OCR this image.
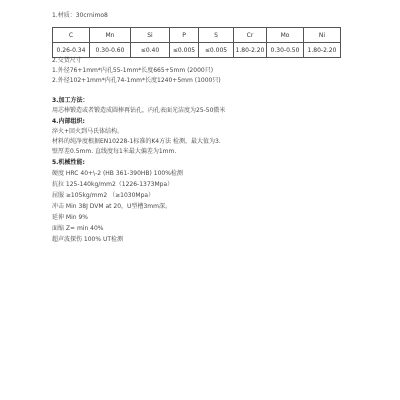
1.材质：30crnimo8
C	Mn	Si	P	S	Cr	Mo	Ni
0.26-0.34	0.30-0.60	≤0.40	≤0.005	≤0.005	1.80-2.20	0.30-0.50	1.80-2.20
2.交货尺寸
1.外径76+1mm*内孔55-1mm*长度665+5mm (2000只)
2.外径102+1mm*内孔74-1mm*长度1240+5mm (1000只)
3.加工方法：
用芯棒锻造或者锻造成圆棒再钻孔，内孔表面光洁度为25-50微米
4.内部组织:
淬火+回火到马氏体结构。
材料的纯净度根据EN10228-1标准的K4方法 检测，最大值为3.
壁厚差0.5mm. 直线度每1米最大偏差为1mm.
5.机械性能:
硬度 HRC 40+\-2 (HB 361-390HB) 100%检测
抗拉 125-140kg/mm2（1226-1373Mpa）
屈服 ≥105kg/mm2 （≥1030Mpa）
冲击 Min 38J DVM at 20，U型槽3mm深。
延伸 Min 9%
面缩 Z= min 40%
超声波探伤 100% UT检测
